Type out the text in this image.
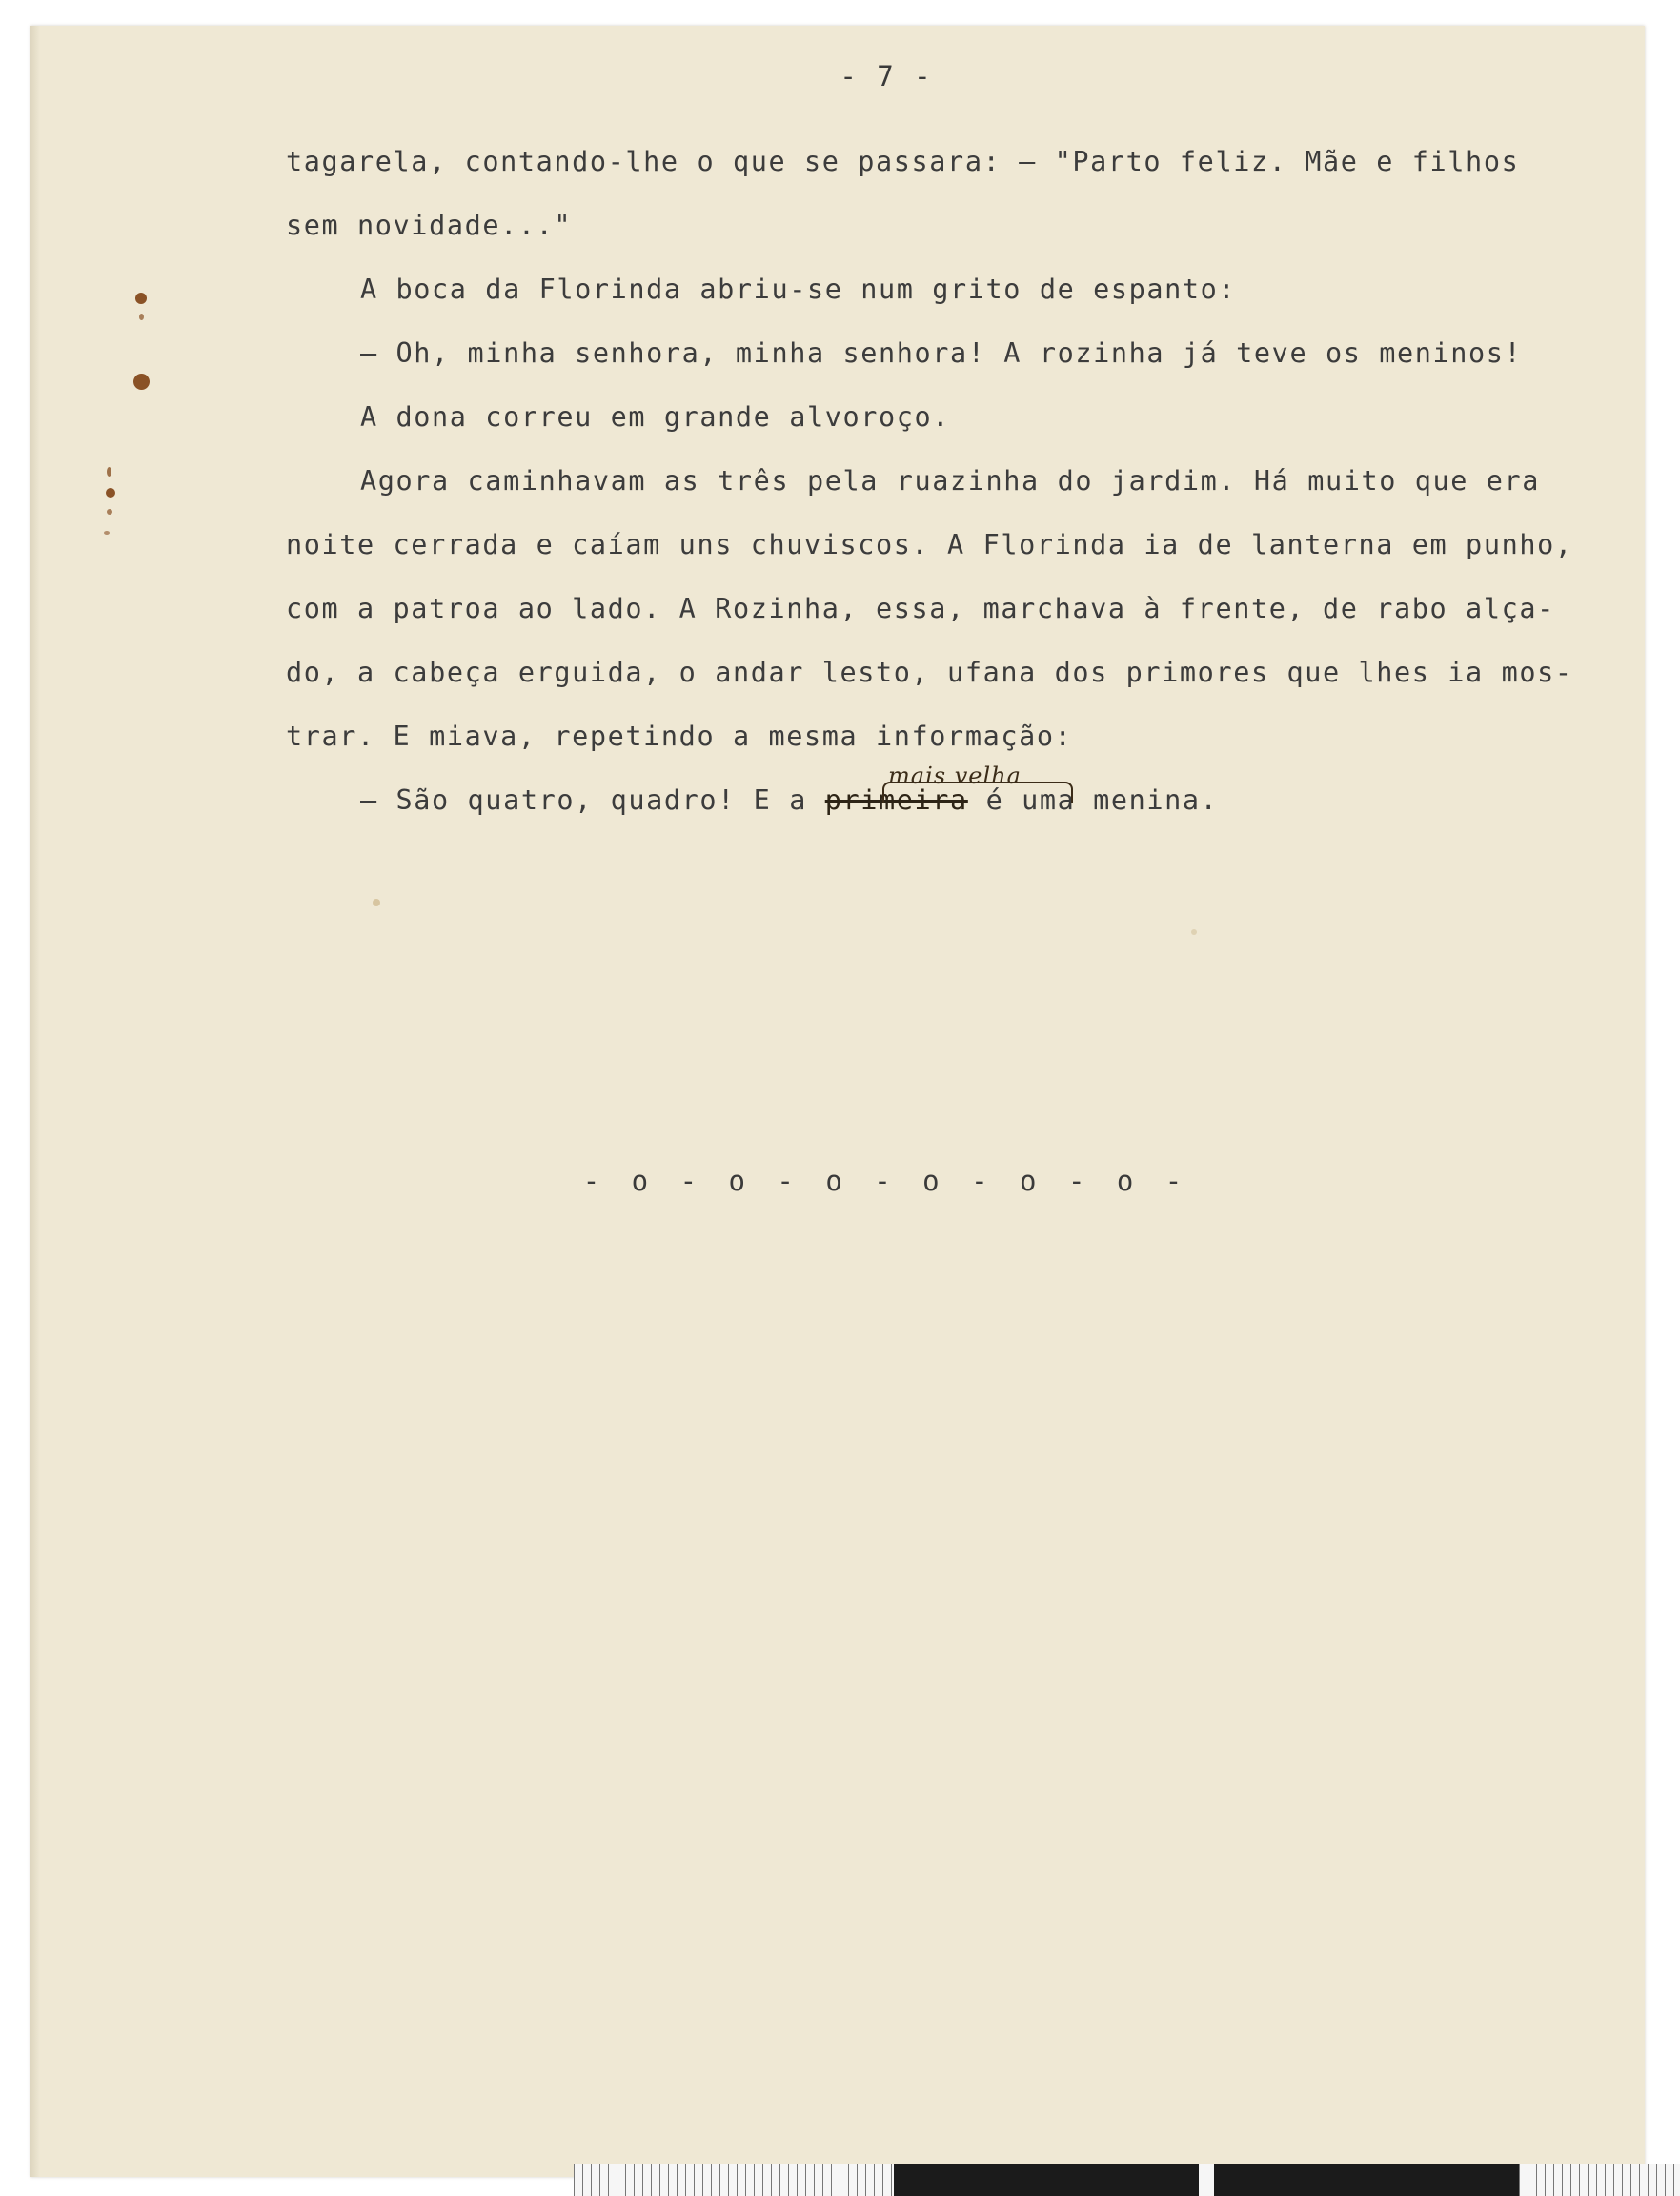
- 7 -
tagarela, contando-lhe o que se passara: — "Parto feliz. Mãe e filhos
sem novidade..."
A boca da Florinda abriu-se num grito de espanto:
— Oh, minha senhora, minha senhora! A rozinha já teve os meninos!
A dona correu em grande alvoroço.
Agora caminhavam as três pela ruazinha do jardim. Há muito que era
noite cerrada e caíam uns chuviscos. A Florinda ia de lanterna em punho,
com a patroa ao lado. A Rozinha, essa, marchava à frente, de rabo alça-
do, a cabeça erguida, o andar lesto, ufana dos primores que lhes ia mos-
trar. E miava, repetindo a mesma informação:
— São quatro, quadro! E a primeira é uma menina.
mais velha
- o - o - o - o - o - o -
